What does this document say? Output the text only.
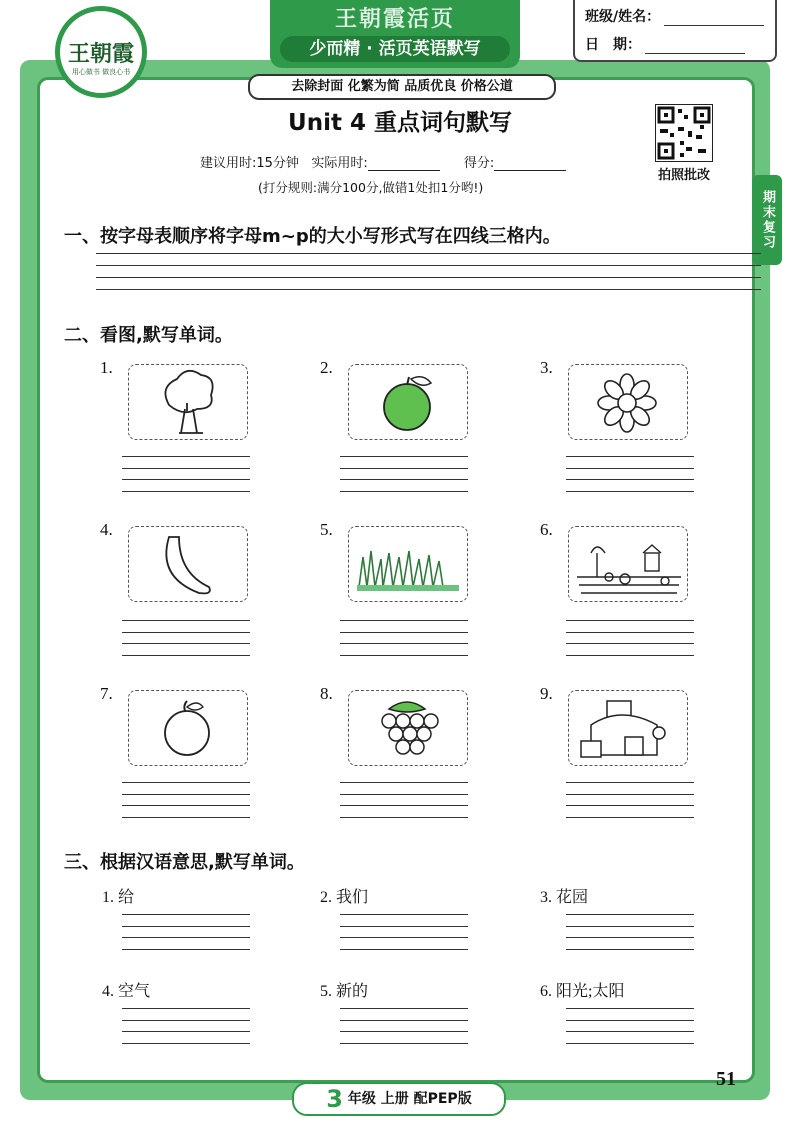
王朝霞活页
少而精 · 活页英语默写
王朝霞
用心做书 做良心书
班级/姓名：
日　期：
去除封面 化繁为简 品质优良 价格公道
Unit 4 重点词句默写
拍照批改
建议用时:15分钟 实际用时:	得分:
(打分规则:满分100分,做错1处扣1分哟!)
期末复习
一、按字母表顺序将字母m~p的大小写形式写在四线三格内。
二、看图,默写单词。
1.	2.	3.
4.	5.	6.
7.	8.	9.
三、根据汉语意思,默写单词。
1. 给	2. 我们	3. 花园
4. 空气	5. 新的	6. 阳光;太阳
3 年级 上册 配PEP版
51
